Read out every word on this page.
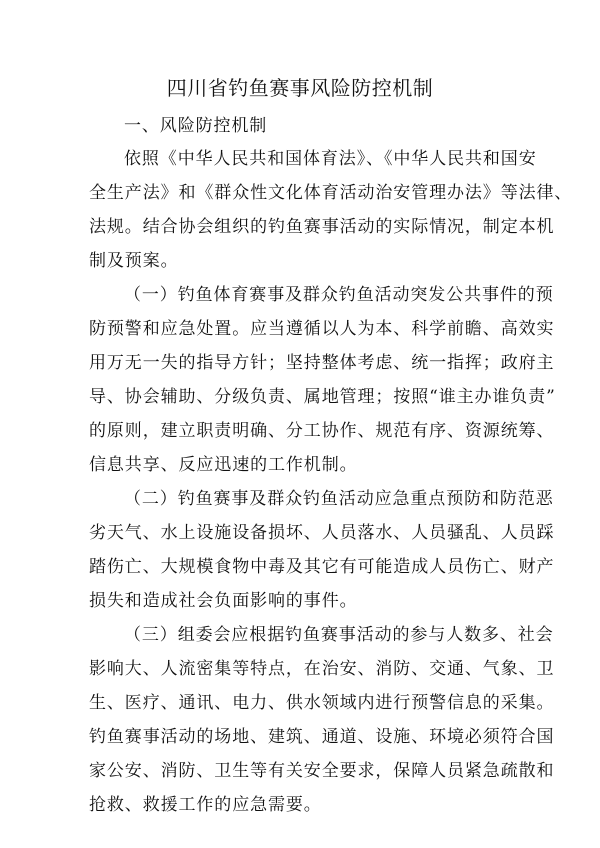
四川省钓鱼赛事风险防控机制
一、风险防控机制
依照《中华人民共和国体育法》、《中华人民共和国安
全生产法》和《群众性文化体育活动治安管理办法》等法律、
法规。结合协会组织的钓鱼赛事活动的实际情况，制定本机
制及预案。
（一）钓鱼体育赛事及群众钓鱼活动突发公共事件的预
防预警和应急处置。应当遵循以人为本、科学前瞻、高效实
用万无一失的指导方针；坚持整体考虑、统一指挥；政府主
导、协会辅助、分级负责、属地管理；按照“谁主办谁负责”
的原则，建立职责明确、分工协作、规范有序、资源统筹、
信息共享、反应迅速的工作机制。
（二）钓鱼赛事及群众钓鱼活动应急重点预防和防范恶
劣天气、水上设施设备损坏、人员落水、人员骚乱、人员踩
踏伤亡、大规模食物中毒及其它有可能造成人员伤亡、财产
损失和造成社会负面影响的事件。
（三）组委会应根据钓鱼赛事活动的参与人数多、社会
影响大、人流密集等特点，在治安、消防、交通、气象、卫
生、医疗、通讯、电力、供水领域内进行预警信息的采集。
钓鱼赛事活动的场地、建筑、通道、设施、环境必须符合国
家公安、消防、卫生等有关安全要求，保障人员紧急疏散和
抢救、救援工作的应急需要。
